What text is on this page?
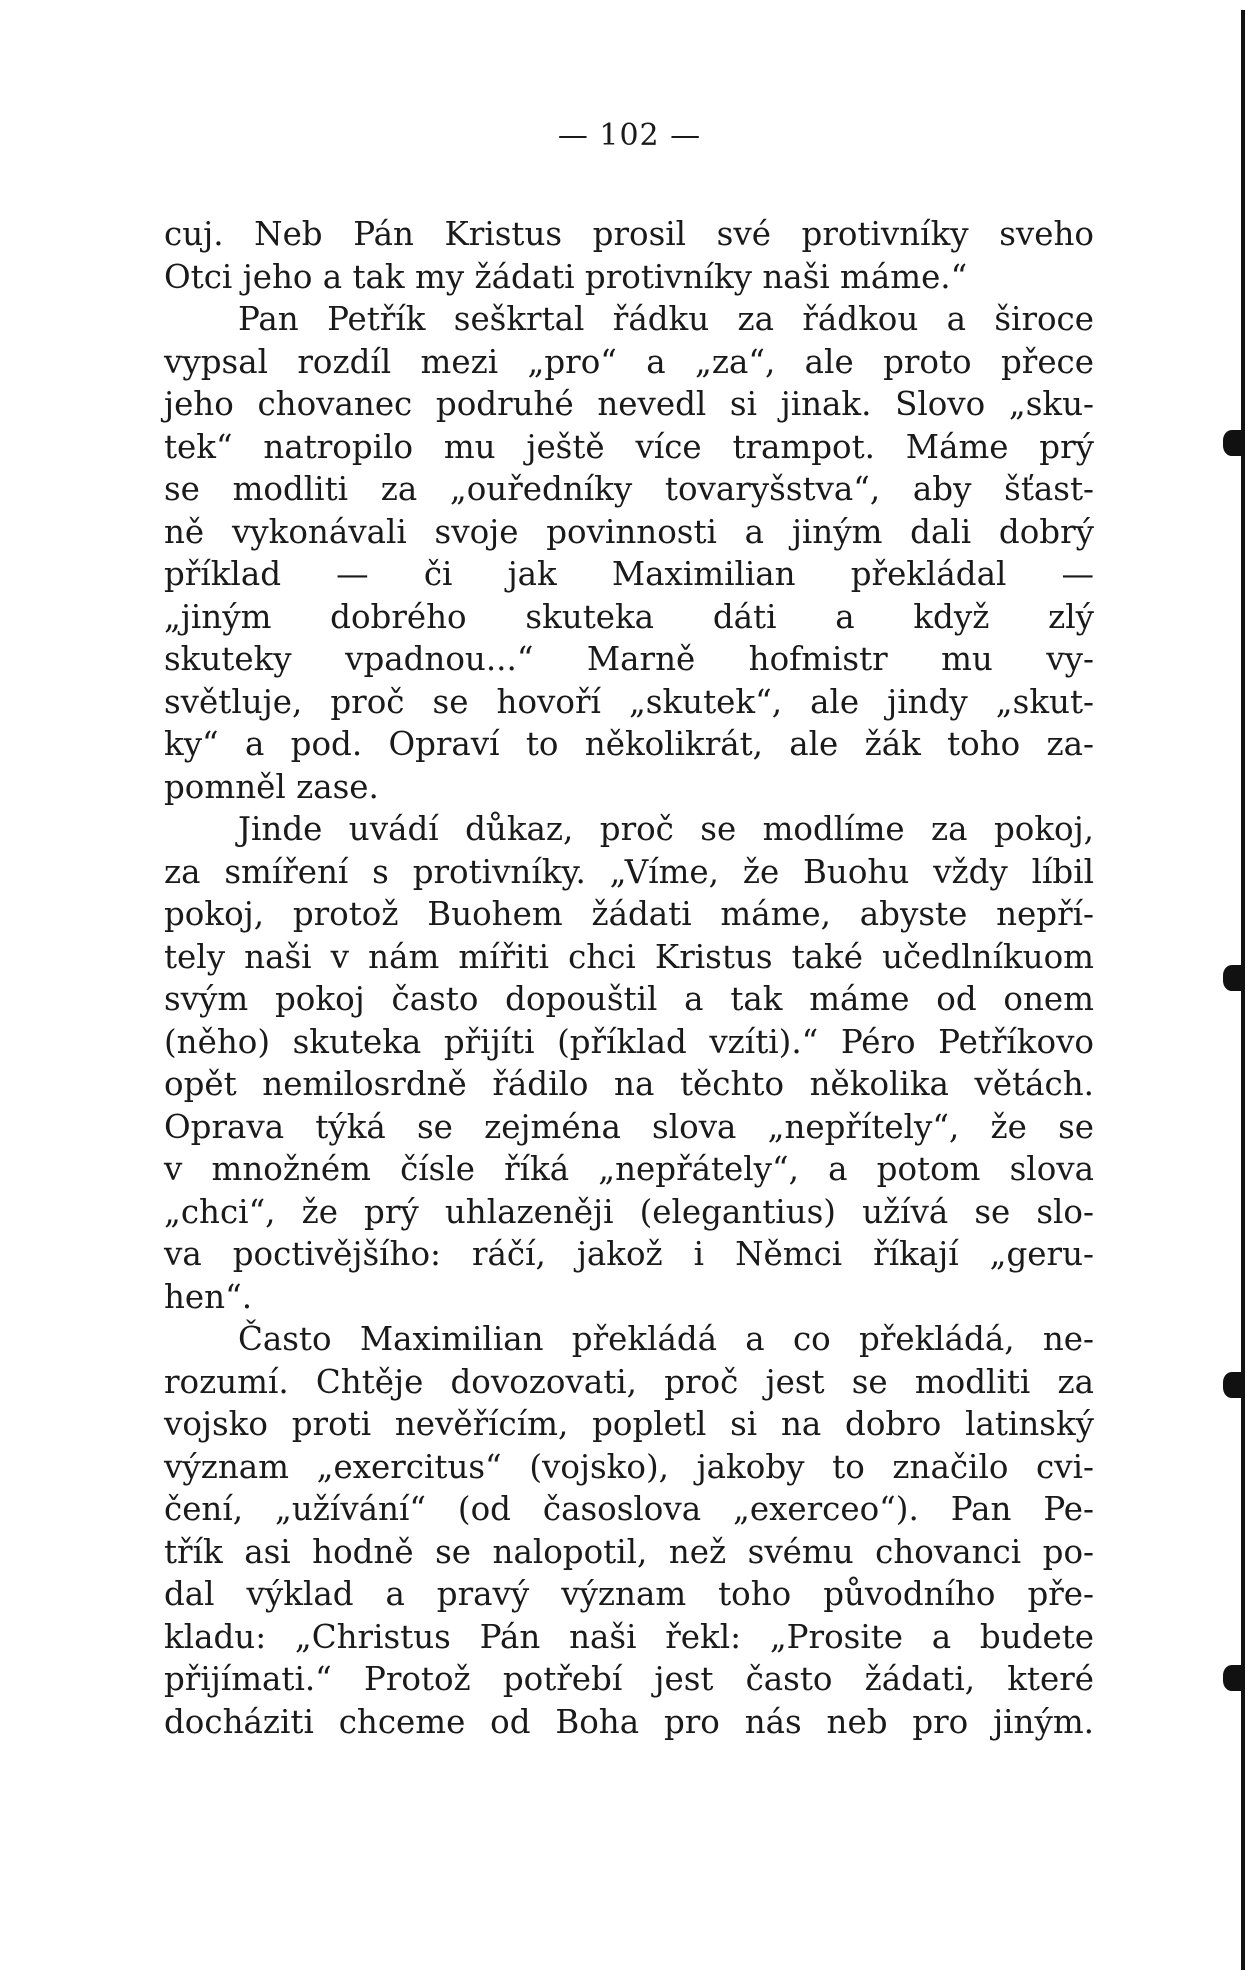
— 102 —
cuj. Neb Pán Kristus prosil své protivníky sveho
Otci jeho a tak my žádati protivníky naši máme.“
Pan Petřík seškrtal řádku za řádkou a široce
vypsal rozdíl mezi „pro“ a „za“, ale proto přece
jeho chovanec podruhé nevedl si jinak. Slovo „sku-
tek“ natropilo mu ještě více trampot. Máme prý
se modliti za „ouředníky tovaryšstva“, aby šťast-
ně vykonávali svoje povinnosti a jiným dali dobrý
příklad — či jak Maximilian překládal —
„jiným dobrého skuteka dáti a když zlý
skuteky vpadnou...“ Marně hofmistr mu vy-
světluje, proč se hovoří „skutek“, ale jindy „skut-
ky“ a pod. Opraví to několikrát, ale žák toho za-
pomněl zase.
Jinde uvádí důkaz, proč se modlíme za pokoj,
za smíření s protivníky. „Víme, že Buohu vždy líbil
pokoj, protož Buohem žádati máme, abyste nepří-
tely naši v nám mířiti chci Kristus také učedlníkuom
svým pokoj často dopouštil a tak máme od onem
(něho) skuteka přijíti (příklad vzíti).“ Péro Petříkovo
opět nemilosrdně řádilo na těchto několika větách.
Oprava týká se zejména slova „nepřítely“, že se
v množném čísle říká „nepřátely“, a potom slova
„chci“, že prý uhlazeněji (elegantius) užívá se slo-
va poctivějšího: ráčí, jakož i Němci říkají „geru-
hen“.
Často Maximilian překládá a co překládá, ne-
rozumí. Chtěje dovozovati, proč jest se modliti za
vojsko proti nevěřícím, popletl si na dobro latinský
význam „exercitus“ (vojsko), jakoby to značilo cvi-
čení, „užívání“ (od časoslova „exerceo“). Pan Pe-
třík asi hodně se nalopotil, než svému chovanci po-
dal výklad a pravý význam toho původního pře-
kladu: „Christus Pán naši řekl: „Prosite a budete
přijímati.“ Protož potřebí jest často žádati, které
docháziti chceme od Boha pro nás neb pro jiným.
